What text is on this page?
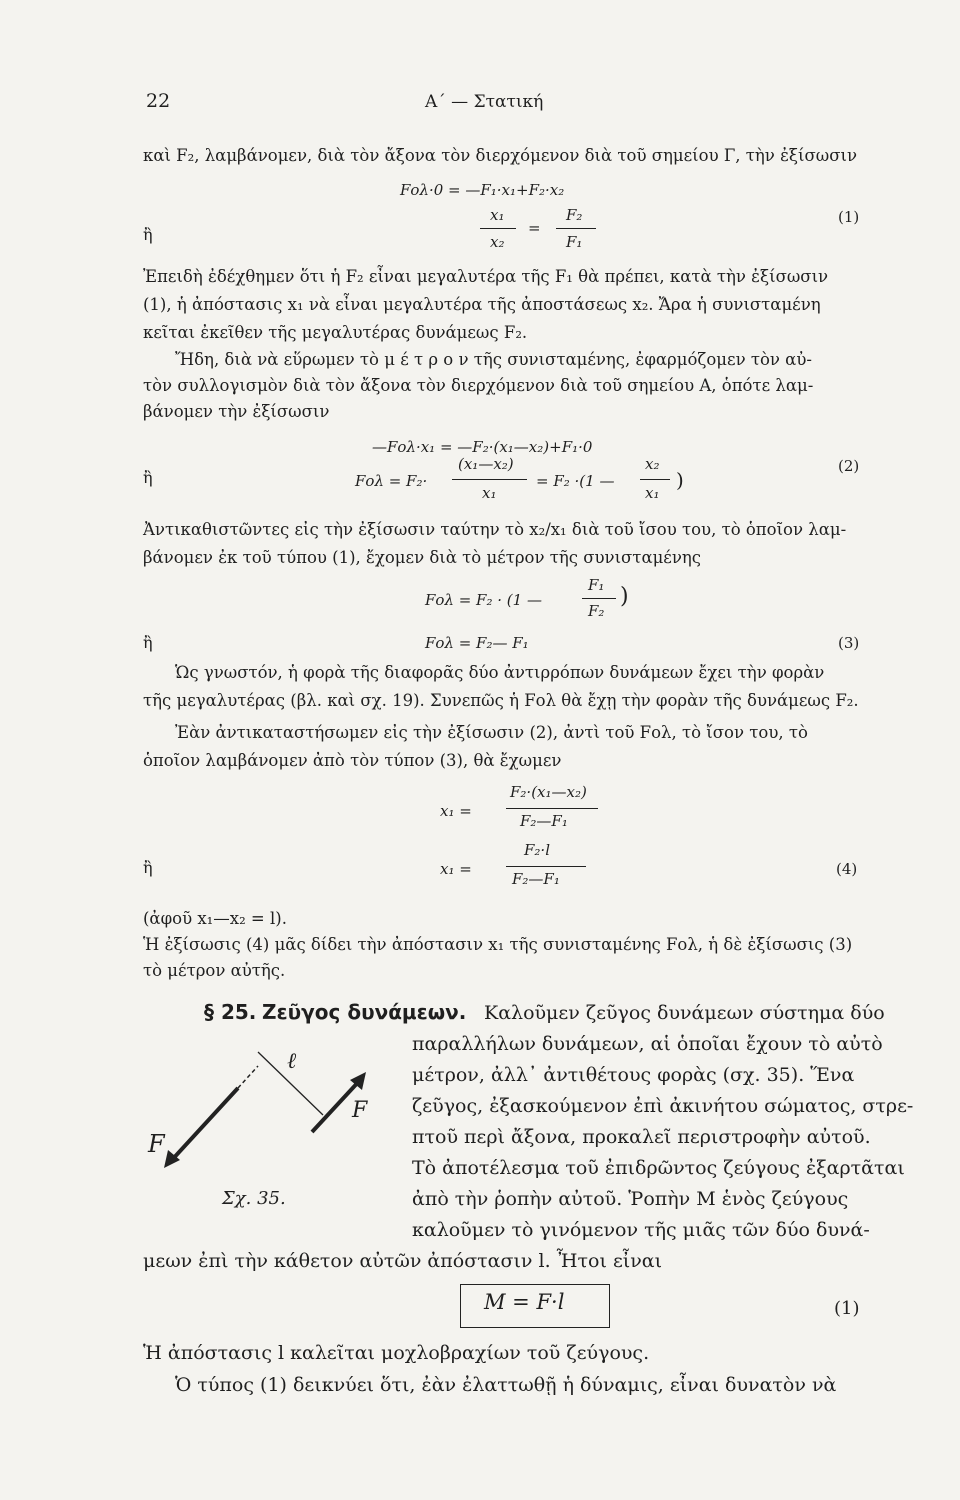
22	Α΄ — Στατική
καὶ F₂, λαμβάνομεν, διὰ τὸν ἄξονα τὸν διερχόμενον διὰ τοῦ σημείου Γ, τὴν ἐξίσωσιν
Fολ·0 = —F₁·x₁+F₂·x₂
ἢ
x₁
x₂
=
F₂
F₁
(1)
Ἐπειδὴ ἐδέχθημεν ὅτι ἡ F₂ εἶναι μεγαλυτέρα τῆς F₁ θὰ πρέπει, κατὰ τὴν ἐξίσωσιν
(1), ἡ ἀπόστασις x₁ νὰ εἶναι μεγαλυτέρα τῆς ἀποστάσεως x₂. Ἄρα ἡ συνισταμένη
κεῖται ἐκεῖθεν τῆς μεγαλυτέρας δυνάμεως F₂.
Ἤδη, διὰ νὰ εὕρωμεν τὸ μ έ τ ρ ο ν τῆς συνισταμένης, ἐφαρμόζομεν τὸν αὐ-
τὸν συλλογισμὸν διὰ τὸν ἄξονα τὸν διερχόμενον διὰ τοῦ σημείου Α, ὁπότε λαμ-
βάνομεν τὴν ἐξίσωσιν
—Fολ·x₁ = —F₂·(x₁—x₂)+F₁·0
ἢ	Fολ = F₂·
(x₁—x₂)
x₁
= F₂ ·(1 —
x₂
x₁
)
(2)
Ἀντικαθιστῶντες εἰς τὴν ἐξίσωσιν ταύτην τὸ x₂/x₁ διὰ τοῦ ἴσου του, τὸ ὁποῖον λαμ-
βάνομεν ἐκ τοῦ τύπου (1), ἔχομεν διὰ τὸ μέτρον τῆς συνισταμένης
Fολ = F₂ · (1 —
F₁
F₂
)
ἢ	Fολ = F₂— F₁	(3)
Ὡς γνωστόν, ἡ φορὰ τῆς διαφορᾶς δύο ἀντιρρόπων δυνάμεων ἔχει τὴν φορὰν
τῆς μεγαλυτέρας (βλ. καὶ σχ. 19). Συνεπῶς ἡ Fολ θὰ ἔχῃ τὴν φορὰν τῆς δυνάμεως F₂.
Ἐὰν ἀντικαταστήσωμεν εἰς τὴν ἐξίσωσιν (2), ἀντὶ τοῦ Fολ, τὸ ἴσον του, τὸ
ὁποῖον λαμβάνομεν ἀπὸ τὸν τύπον (3), θὰ ἔχωμεν
x₁ =
F₂·(x₁—x₂)
F₂—F₁
ἢ	x₁ =
F₂·l
F₂—F₁
(4)
(ἀφοῦ x₁—x₂ = l).
Ἡ ἐξίσωσις (4) μᾶς δίδει τὴν ἀπόστασιν x₁ τῆς συνισταμένης Fολ, ἡ δὲ ἐξίσωσις (3)
τὸ μέτρον αὐτῆς.
§ 25. Ζεῦγος δυνάμεων. Καλοῦμεν ζεῦγος δυνάμεων σύστημα δύο
παραλλήλων δυνάμεων, αἱ ὁποῖαι ἔχουν τὸ αὐτὸ
μέτρον, ἀλλ᾽ ἀντιθέτους φορὰς (σχ. 35). Ἕνα
ζεῦγος, ἐξασκούμενον ἐπὶ ἀκινήτου σώματος, στρε-
πτοῦ περὶ ἄξονα, προκαλεῖ περιστροφὴν αὐτοῦ.
Τὸ ἀποτέλεσμα τοῦ ἐπιδρῶντος ζεύγους ἐξαρτᾶται
ἀπὸ τὴν ῥοπὴν αὐτοῦ. Ῥοπὴν Μ ἑνὸς ζεύγους
καλοῦμεν τὸ γινόμενον τῆς μιᾶς τῶν δύο δυνά-
μεων ἐπὶ τὴν κάθετον αὐτῶν ἀπόστασιν l. Ἦτοι εἶναι
ℓ
F
F
Σχ. 35.
M = F·l	(1)
Ἡ ἀπόστασις l καλεῖται μοχλοβραχίων τοῦ ζεύγους.
Ὁ τύπος (1) δεικνύει ὅτι, ἐὰν ἐλαττωθῇ ἡ δύναμις, εἶναι δυνατὸν νὰ
